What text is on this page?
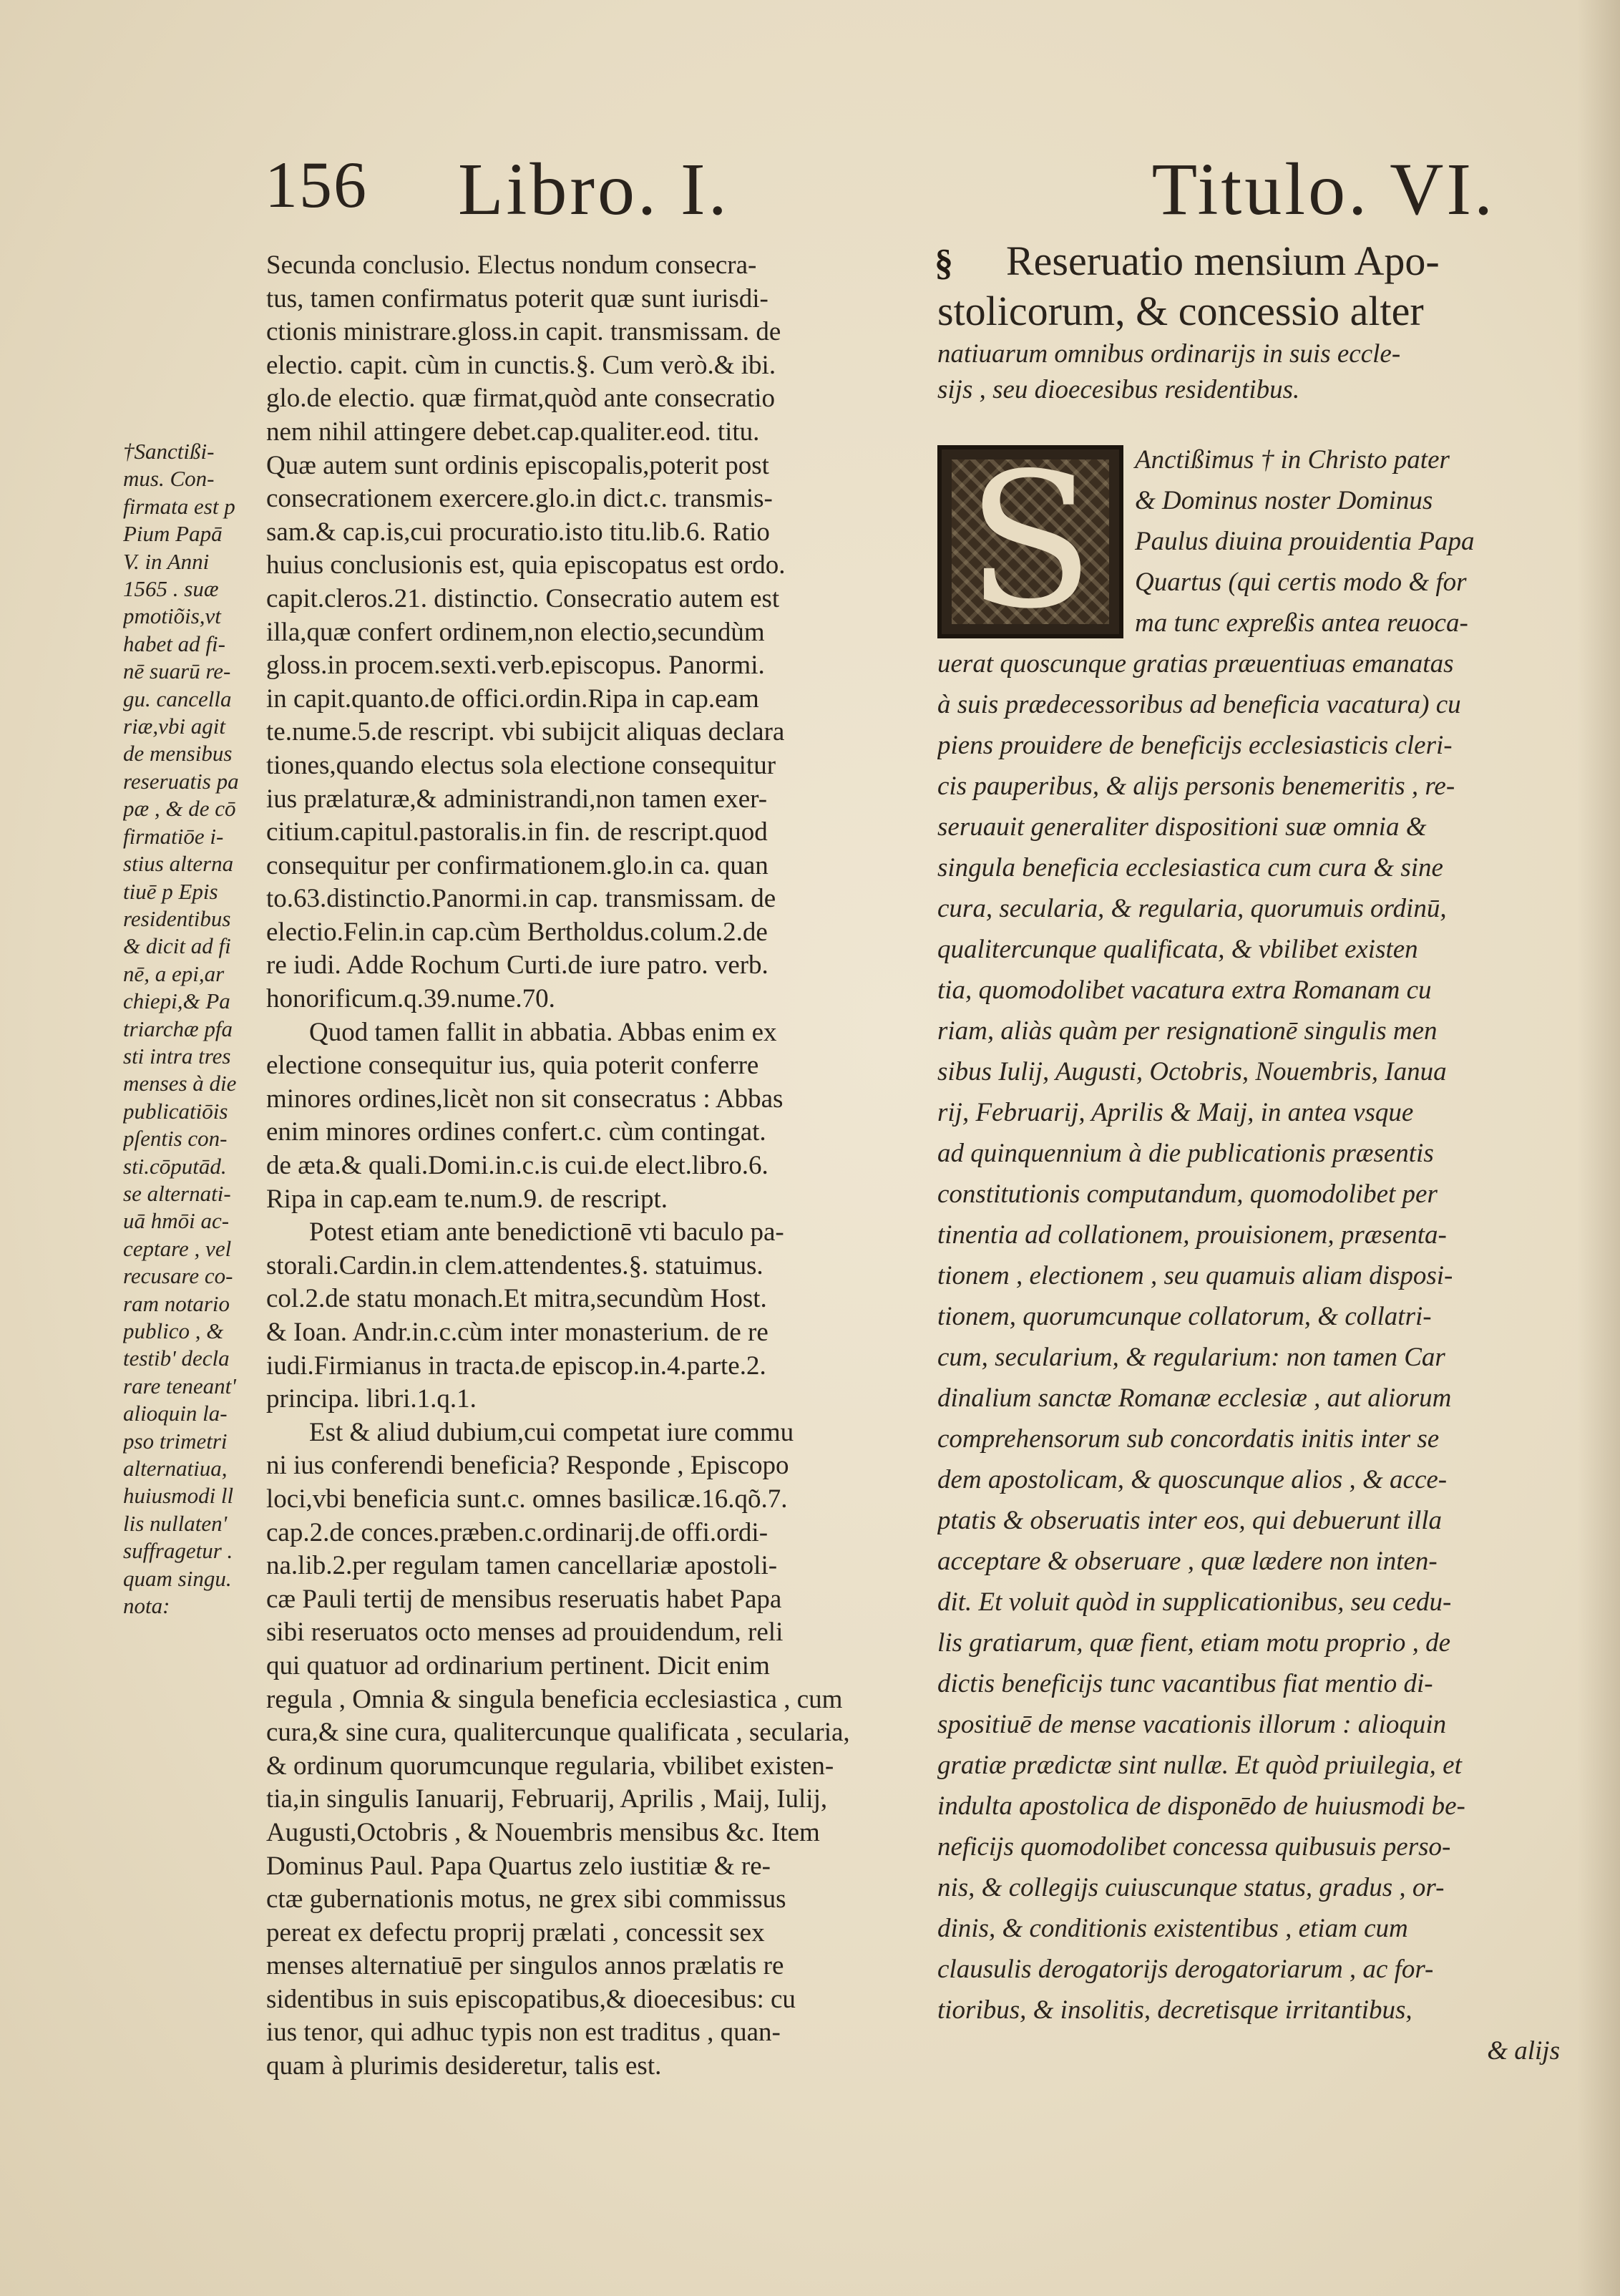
156 Libro. I.	Titulo. VI.
†Sanctißi-
mus. Con-
firmata est p
Pium Papā
V. in Anni
1565 . suæ
pmotiõis,vt
habet ad fi-
nē suarū re-
gu. cancella
riæ,vbi agit
de mensibus
reseruatis pa
pæ , & de cō
firmatiōe i-
stius alterna
tiuē p Epis
residentibus
& dicit ad fi
nē, a epi,ar
chiepi,& Pa
triarchæ pfa
sti intra tres
menses à die
publicatiōis
pſentis con-
sti.cōputād.
se alternati-
uā hmōi ac-
ceptare , vel
recusare co-
ram notario
publico , &
testib' decla
rare teneant'
alioquin la-
pso trimetri
alternatiua,
huiusmodi ll
lis nullaten'
suffragetur .
quam singu.
nota:
Secunda conclusio. Electus nondum consecra-
tus, tamen confirmatus poterit quæ sunt iurisdi-
ctionis ministrare.gloss.in capit. transmissam. de
electio. capit. cùm in cunctis.§. Cum verò.& ibi.
glo.de electio. quæ firmat,quòd ante consecratio
nem nihil attingere debet.cap.qualiter.eod. titu.
Quæ autem sunt ordinis episcopalis,poterit post
consecrationem exercere.glo.in dict.c. transmis-
sam.& cap.is,cui procuratio.isto titu.lib.6. Ratio
huius conclusionis est, quia episcopatus est ordo.
capit.cleros.21. distinctio. Consecratio autem est
illa,quæ confert ordinem,non electio,secundùm
gloss.in procem.sexti.verb.episcopus. Panormi.
in capit.quanto.de offici.ordin.Ripa in cap.eam
te.nume.5.de rescript. vbi subijcit aliquas declara
tiones,quando electus sola electione consequitur
ius prælaturæ,& administrandi,non tamen exer-
citium.capitul.pastoralis.in fin. de rescript.quod
consequitur per confirmationem.glo.in ca. quan
to.63.distinctio.Panormi.in cap. transmissam. de
electio.Felin.in cap.cùm Bertholdus.colum.2.de
re iudi. Adde Rochum Curti.de iure patro. verb.
honorificum.q.39.nume.70.
Quod tamen fallit in abbatia. Abbas enim ex
electione consequitur ius, quia poterit conferre
minores ordines,licèt non sit consecratus : Abbas
enim minores ordines confert.c. cùm contingat.
de æta.& quali.Domi.in.c.is cui.de elect.libro.6.
Ripa in cap.eam te.num.9. de rescript.
Potest etiam ante benedictionē vti baculo pa-
storali.Cardin.in clem.attendentes.§. statuimus.
col.2.de statu monach.Et mitra,secundùm Host.
& Ioan. Andr.in.c.cùm inter monasterium. de re
iudi.Firmianus in tracta.de episcop.in.4.parte.2.
principa. libri.1.q.1.
Est & aliud dubium,cui competat iure commu
ni ius conferendi beneficia? Responde , Episcopo
loci,vbi beneficia sunt.c. omnes basilicæ.16.qõ.7.
cap.2.de conces.præben.c.ordinarij.de offi.ordi-
na.lib.2.per regulam tamen cancellariæ apostoli-
cæ Pauli tertij de mensibus reseruatis habet Papa
sibi reseruatos octo menses ad prouidendum, reli
qui quatuor ad ordinarium pertinent. Dicit enim
regula , Omnia & singula beneficia ecclesiastica , cum
cura,& sine cura, qualitercunque qualificata , secularia,
& ordinum quorumcunque regularia, vbilibet existen-
tia,in singulis Ianuarij, Februarij, Aprilis , Maij, Iulij,
Augusti,Octobris , & Nouembris mensibus &c. Item
Dominus Paul. Papa Quartus zelo iustitiæ & re-
ctæ gubernationis motus, ne grex sibi commissus
pereat ex defectu proprij prælati , concessit sex
menses alternatiuē per singulos annos prælatis re
sidentibus in suis episcopatibus,& dioecesibus: cu
ius tenor, qui adhuc typis non est traditus , quan-
quam à plurimis desideretur, talis est.
§	Reseruatio mensium Apo-
stolicorum, & concessio alter
natiuarum omnibus ordinarijs in suis eccle-
sijs , seu dioecesibus residentibus.
S	Anctißimus † in Christo pater
& Dominus noster Dominus
Paulus diuina prouidentia Papa
Quartus (qui certis modo & for
ma tunc expreßis antea reuoca-
uerat quoscunque gratias præuentiuas emanatas
à suis prædecessoribus ad beneficia vacatura) cu
piens prouidere de beneficijs ecclesiasticis cleri-
cis pauperibus, & alijs personis benemeritis , re-
seruauit generaliter dispositioni suæ omnia &
singula beneficia ecclesiastica cum cura & sine
cura, secularia, & regularia, quorumuis ordinū,
qualitercunque qualificata, & vbilibet existen
tia, quomodolibet vacatura extra Romanam cu
riam, aliàs quàm per resignationē singulis men
sibus Iulij, Augusti, Octobris, Nouembris, Ianua
rij, Februarij, Aprilis & Maij, in antea vsque
ad quinquennium à die publicationis præsentis
constitutionis computandum, quomodolibet per
tinentia ad collationem, prouisionem, præsenta-
tionem , electionem , seu quamuis aliam disposi-
tionem, quorumcunque collatorum, & collatri-
cum, secularium, & regularium: non tamen Car
dinalium sanctæ Romanæ ecclesiæ , aut aliorum
comprehensorum sub concordatis initis inter se
dem apostolicam, & quoscunque alios , & acce-
ptatis & obseruatis inter eos, qui debuerunt illa
acceptare & obseruare , quæ lædere non inten-
dit. Et voluit quòd in supplicationibus, seu cedu-
lis gratiarum, quæ fient, etiam motu proprio , de
dictis beneficijs tunc vacantibus fiat mentio di-
spositiuē de mense vacationis illorum : alioquin
gratiæ prædictæ sint nullæ. Et quòd priuilegia, et
indulta apostolica de disponēdo de huiusmodi be-
neficijs quomodolibet concessa quibusuis perso-
nis, & collegijs cuiuscunque status, gradus , or-
dinis, & conditionis existentibus , etiam cum
clausulis derogatorijs derogatoriarum , ac for-
tioribus, & insolitis, decretisque irritantibus,
& alijs
